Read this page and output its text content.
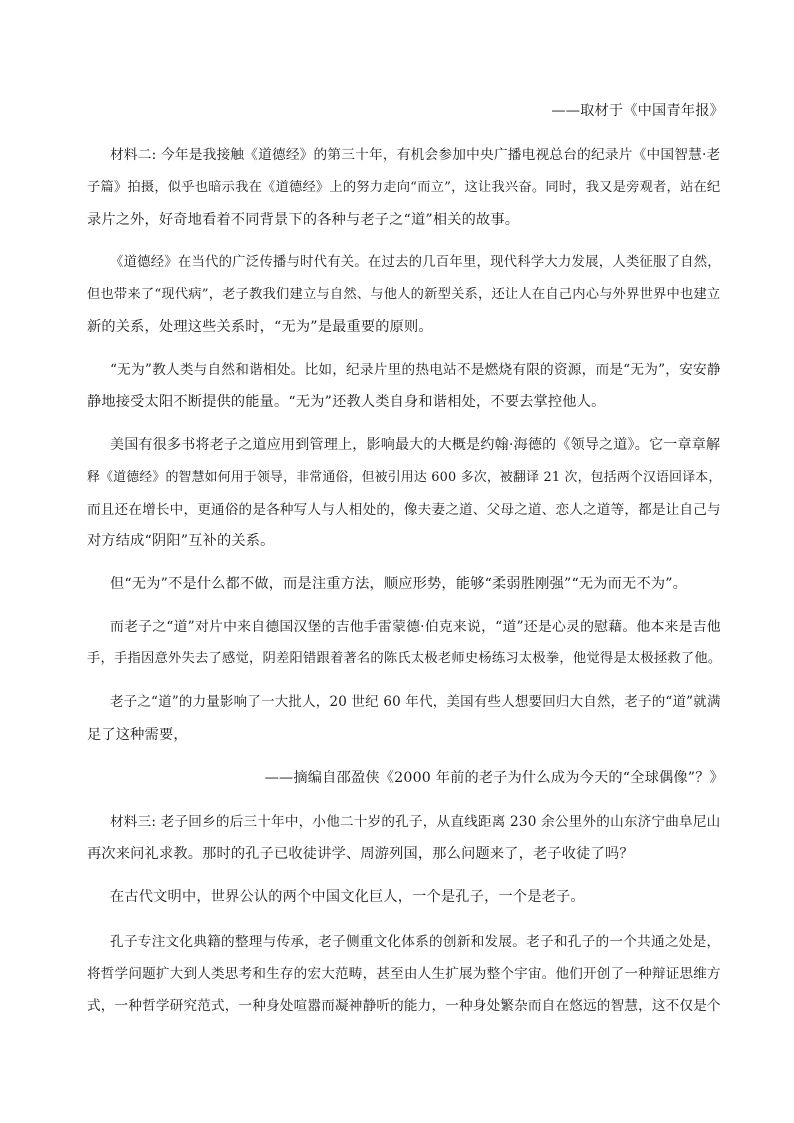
——取材于《中国青年报》

材料二: 今年是我接触《道德经》的第三十年，有机会参加中央广播电视总台的纪录片《中国智慧·老

子篇》拍摄，似乎也暗示我在《道德经》上的努力走向“而立”，这让我兴奋。同时，我又是旁观者，站在纪

录片之外，好奇地看着不同背景下的各种与老子之“道”相关的故事。

《道德经》在当代的广泛传播与时代有关。在过去的几百年里，现代科学大力发展，人类征服了自然，

但也带来了“现代病”，老子教我们建立与自然、与他人的新型关系，还让人在自己内心与外界世界中也建立

新的关系，处理这些关系时，“无为”是最重要的原则。

“无为”教人类与自然和谐相处。比如，纪录片里的热电站不是燃烧有限的资源，而是“无为”，安安静

静地接受太阳不断提供的能量。“无为”还教人类自身和谐相处，不要去掌控他人。

美国有很多书将老子之道应用到管理上，影响最大的大概是约翰·海德的《领导之道》。它一章章解

释《道德经》的智慧如何用于领导，非常通俗，但被引用达 600 多次，被翻译 21 次，包括两个汉语回译本，

而且还在增长中，更通俗的是各种写人与人相处的，像夫妻之道、父母之道、恋人之道等，都是让自己与

对方结成“阴阳”互补的关系。

但“无为”不是什么都不做，而是注重方法，顺应形势，能够“柔弱胜刚强”“无为而无不为”。

而老子之“道”对片中来自德国汉堡的吉他手雷蒙德·伯克来说，“道”还是心灵的慰藉。他本来是吉他

手，手指因意外失去了感觉，阴差阳错跟着著名的陈氏太极老师史杨练习太极拳，他觉得是太极拯救了他。

老子之“道”的力量影响了一大批人，20 世纪 60 年代，美国有些人想要回归大自然，老子的“道”就满

足了这种需要，

——摘编自邵盈侠《2000 年前的老子为什么成为今天的“全球偶像”？》

材料三: 老子回乡的后三十年中，小他二十岁的孔子，从直线距离 230 余公里外的山东济宁曲阜尼山

再次来问礼求教。那时的孔子已收徒讲学、周游列国，那么问题来了，老子收徒了吗？

在古代文明中，世界公认的两个中国文化巨人，一个是孔子，一个是老子。

孔子专注文化典籍的整理与传承，老子侧重文化体系的创新和发展。老子和孔子的一个共通之处是，

将哲学问题扩大到人类思考和生存的宏大范畴，甚至由人生扩展为整个宇宙。他们开创了一种辩证思维方

式，一种哲学研究范式，一种身处喧嚣而凝神静听的能力，一种身处繁杂而自在悠远的智慧，这不仅是个
